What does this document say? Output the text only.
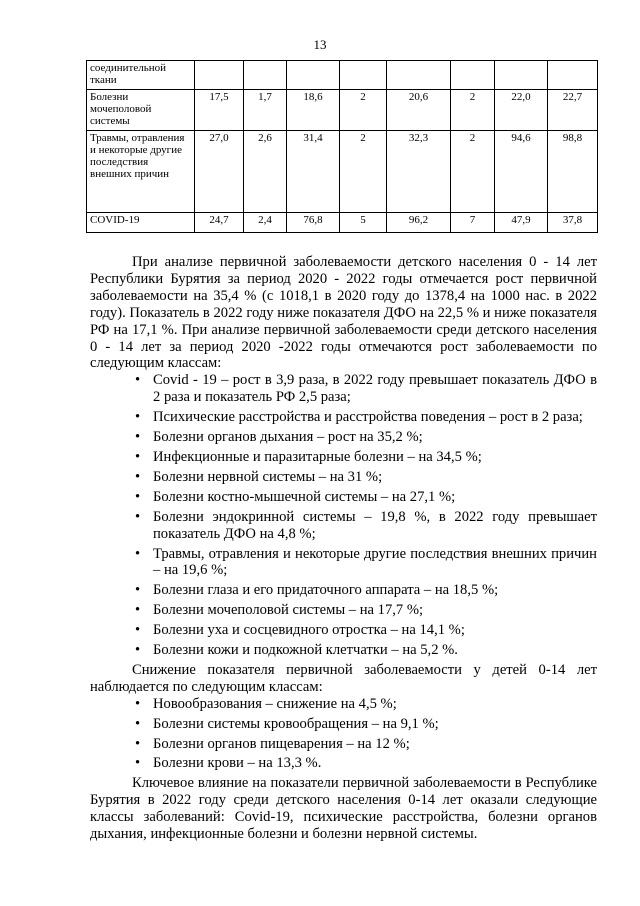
13
соединительной ткани								
Болезни мочеполовой системы	17,5	1,7	18,6	2	20,6	2	22,0	22,7
Травмы, отравления и некоторые другие последствия внешних причин	27,0	2,6	31,4	2	32,3	2	94,6	98,8
COVID-19	24,7	2,4	76,8	5	96,2	7	47,9	37,8

При анализе первичной заболеваемости детского населения 0 - 14 лет Республики Бурятия за период 2020 - 2022 годы отмечается рост первичной заболеваемости на 35,4 % (с 1018,1 в 2020 году до 1378,4 на 1000 нас. в 2022 году). Показатель в 2022 году ниже показателя ДФО на 22,5 % и ниже показателя РФ на 17,1 %. При анализе первичной заболеваемости среди детского населения 0 - 14 лет за период 2020 -2022 годы отмечаются рост заболеваемости по следующим классам:

• Covid - 19 – рост в 3,9 раза, в 2022 году превышает показатель ДФО в 2 раза и показатель РФ 2,5 раза;
• Психические расстройства и расстройства поведения – рост в 2 раза;
• Болезни органов дыхания – рост на 35,2 %;
• Инфекционные и паразитарные болезни – на 34,5 %;
• Болезни нервной системы – на 31 %;
• Болезни костно-мышечной системы – на 27,1 %;
• Болезни эндокринной системы – 19,8 %, в 2022 году превышает показатель ДФО на 4,8 %;
• Травмы, отравления и некоторые другие последствия внешних причин – на 19,6 %;
• Болезни глаза и его придаточного аппарата – на 18,5 %;
• Болезни мочеполовой системы – на 17,7 %;
• Болезни уха и сосцевидного отростка – на 14,1 %;
• Болезни кожи и подкожной клетчатки – на 5,2 %.

Снижение показателя первичной заболеваемости у детей 0-14 лет наблюдается по следующим классам:

• Новообразования – снижение на 4,5 %;
• Болезни системы кровообращения – на 9,1 %;
• Болезни органов пищеварения – на 12 %;
• Болезни крови – на 13,3 %.

Ключевое влияние на показатели первичной заболеваемости в Республике Бурятия в 2022 году среди детского населения 0-14 лет оказали следующие классы заболеваний: Covid-19, психические расстройства, болезни органов дыхания, инфекционные болезни и болезни нервной системы.
